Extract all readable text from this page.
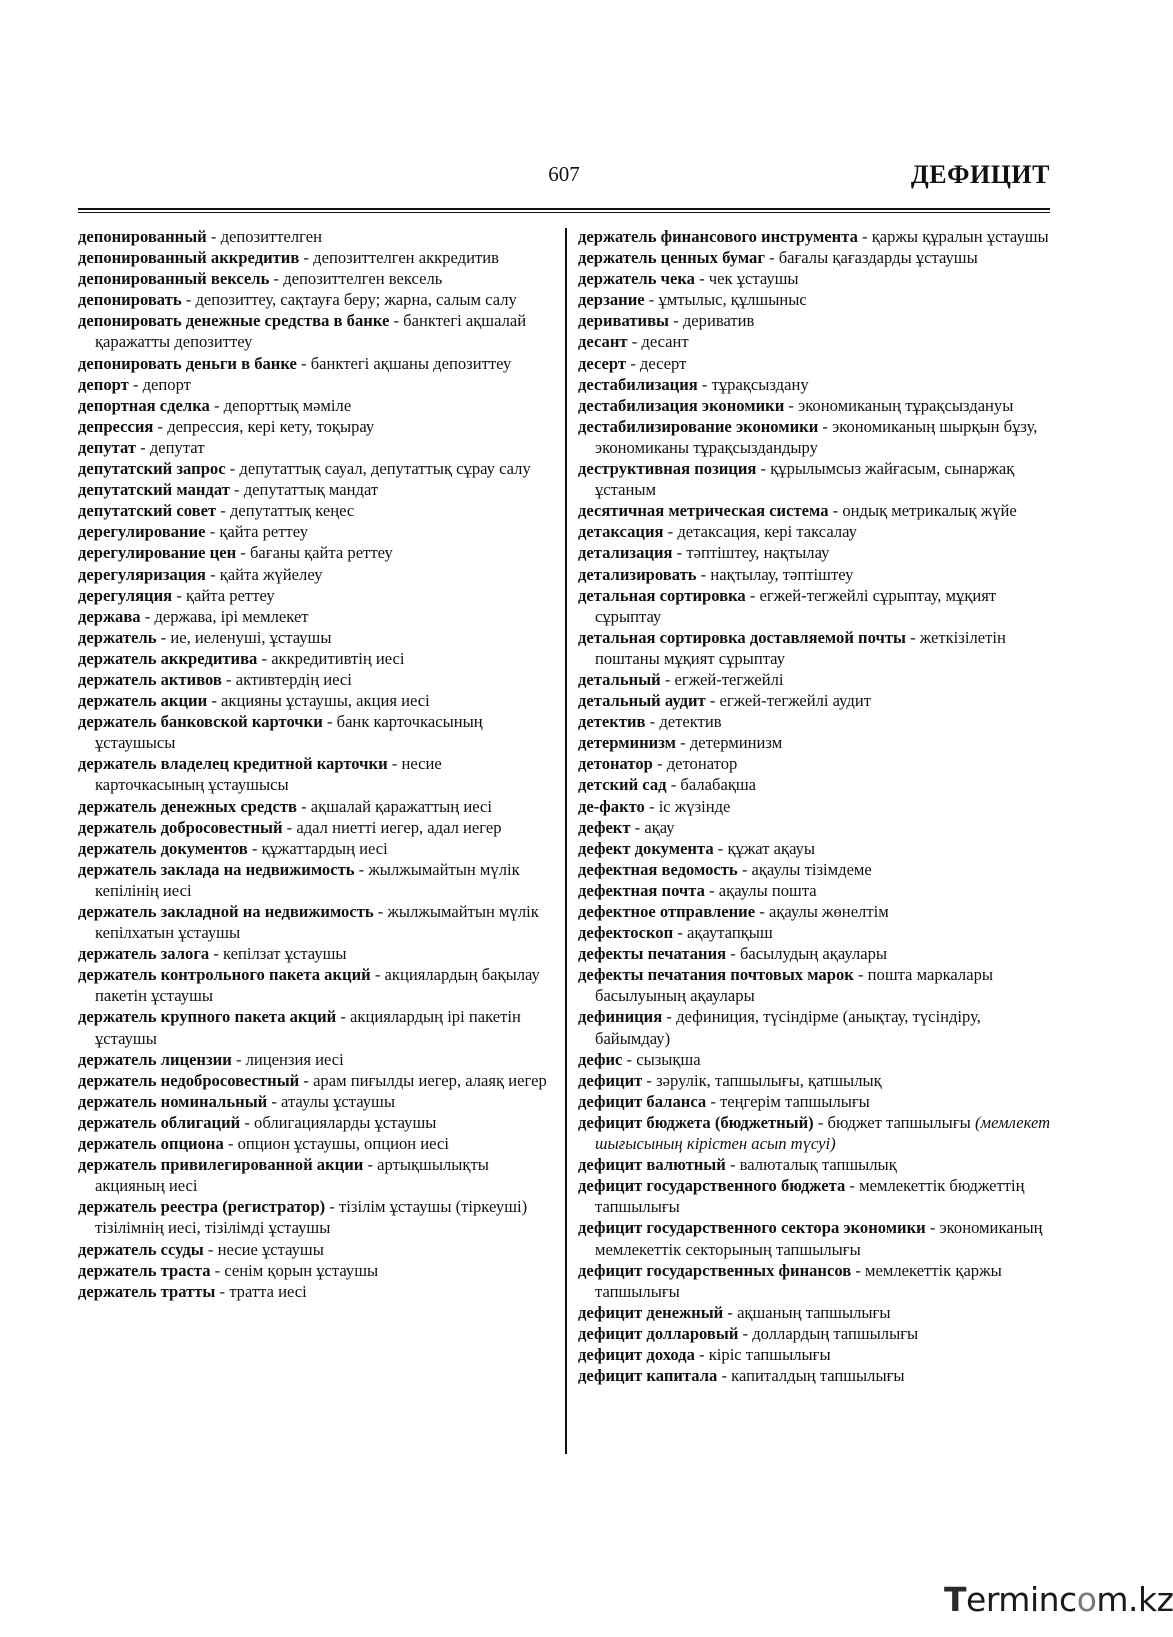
607	ДЕФИЦИТ

депонированный - депозиттелген

депонированный аккредитив - депозиттелген аккредитив

депонированный вексель - депозиттелген вексель

депонировать - депозиттеу, сақтауға беру; жарна, салым салу

депонировать денежные средства в банке - банктегі ақшалай қаражатты депозиттеу

депонировать деньги в банке - банктегі ақшаны депозиттеу

депорт - депорт

депортная сделка - депорттық мәміле

депрессия - депрессия, кері кету, тоқырау

депутат - депутат

депутатский запрос - депутаттық сауал, депутаттық сұрау салу

депутатский мандат - депутаттық мандат

депутатский совет - депутаттық кеңес

дерегулирование - қайта реттеу

дерегулирование цен - бағаны қайта реттеу

дерегуляризация - қайта жүйелеу

дерегуляция - қайта реттеу

держава - держава, ірі мемлекет

держатель - ие, иеленуші, ұстаушы

держатель аккредитива - аккредитивтің иесі

держатель активов - активтердің иесі

держатель акции - акцияны ұстаушы, акция иесі

держатель банковской карточки - банк карточкасының ұстаушысы

держатель владелец кредитной карточки - несие карточкасының ұстаушысы

держатель денежных средств - ақшалай қаражаттың иесі

держатель добросовестный - адал ниетті иегер, адал иегер

держатель документов - құжаттардың иесі

держатель заклада на недвижимость - жылжымайтын мүлік кепілінің иесі

держатель закладной на недвижимость - жылжымайтын мүлік кепілхатын ұстаушы

держатель залога - кепілзат ұстаушы

держатель контрольного пакета акций - акциялардың бақылау пакетін ұстаушы

держатель крупного пакета акций - акциялардың ірі пакетін ұстаушы

держатель лицензии - лицензия иесі

держатель недобросовестный - арам пиғылды иегер, алаяқ иегер

держатель номинальный - атаулы ұстаушы

держатель облигаций - облигацияларды ұстаушы

держатель опциона - опцион ұстаушы, опцион иесі

держатель привилегированной акции - артықшылықты акцияның иесі

держатель реестра (регистратор) - тізілім ұстаушы (тіркеуші) тізілімнің иесі, тізілімді ұстаушы

держатель ссуды - несие ұстаушы

держатель траста - сенім қорын ұстаушы

держатель тратты - тратта иесі

держатель финансового инструмента - қаржы құралын ұстаушы

держатель ценных бумаг - бағалы қағаздарды ұстаушы

держатель чека - чек ұстаушы

дерзание - ұмтылыс, құлшыныс

деривативы - дериватив

десант - десант

десерт - десерт

дестабилизация - тұрақсыздану

дестабилизация экономики - экономиканың тұрақсыздануы

дестабилизирование экономики - экономиканың шырқын бұзу, экономиканы тұрақсыздандыру

деструктивная позиция - құрылымсыз жайғасым, сынаржақ ұстаным

десятичная метрическая система - ондық метрикалық жүйе

детаксация - детаксация, кері таксалау

детализация - тәптіштеу, нақтылау

детализировать - нақтылау, тәптіштеу

детальная сортировка - егжей-тегжейлі сұрыптау, мұқият сұрыптау

детальная сортировка доставляемой почты - жеткізілетін поштаны мұқият сұрыптау

детальный - егжей-тегжейлі

детальный аудит - егжей-тегжейлі аудит

детектив - детектив

детерминизм - детерминизм

детонатор - детонатор

детский сад - балабақша

де-факто - іс жүзінде

дефект - ақау

дефект документа - құжат ақауы

дефектная ведомость - ақаулы тізімдеме

дефектная почта - ақаулы пошта

дефектное отправление - ақаулы жөнелтім

дефектоскоп - ақаутапқыш

дефекты печатания - басылудың ақаулары

дефекты печатания почтовых марок - пошта маркалары басылуының ақаулары

дефиниция - дефиниция, түсіндірме (анықтау, түсіндіру, байымдау)

дефис - сызықша

дефицит - зәрулік, тапшылығы, қатшылық

дефицит баланса - теңгерім тапшылығы

дефицит бюджета (бюджетный) - бюджет тапшылығы (мемлекет шығысының кірістен асып түсуі)

дефицит валютный - валюталық тапшылық

дефицит государственного бюджета - мемлекеттік бюджеттің тапшылығы

дефицит государственного сектора экономики - экономиканың мемлекеттік секторының тапшылығы

дефицит государственных финансов - мемлекеттік қаржы тапшылығы

дефицит денежный - ақшаның тапшылығы

дефицит долларовый - доллардың тапшылығы

дефицит дохода - кіріс тапшылығы

дефицит капитала - капиталдың тапшылығы

Termincom.kz
